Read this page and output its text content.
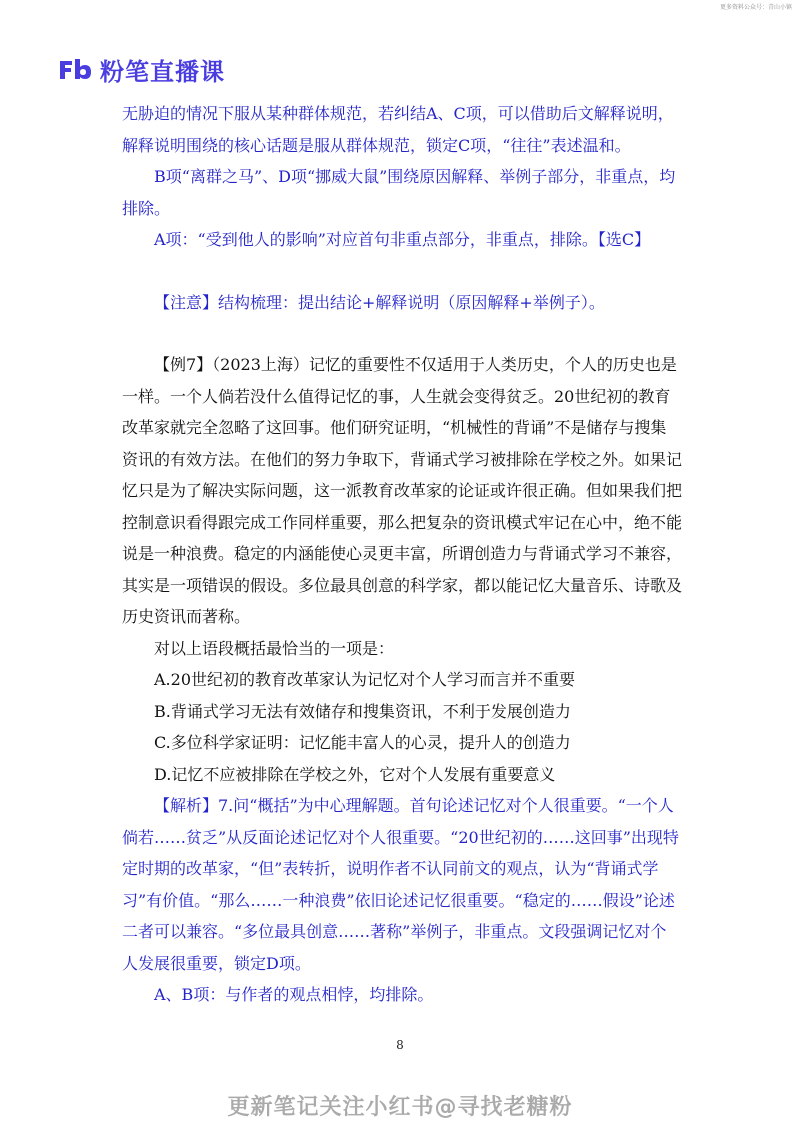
更多资料公众号：青山小镇
粉笔直播课

无胁迫的情况下服从某种群体规范，若纠结A、C项，可以借助后文解释说明，解释说明围绕的核心话题是服从群体规范，锁定C项，“往往”表述温和。

B项“离群之马”、D项“挪威大鼠”围绕原因解释、举例子部分，非重点，均排除。

A项：“受到他人的影响”对应首句非重点部分，非重点，排除。【选C】

【注意】结构梳理：提出结论+解释说明（原因解释+举例子）。

【例7】（2023上海）记忆的重要性不仅适用于人类历史，个人的历史也是一样。一个人倘若没什么值得记忆的事，人生就会变得贫乏。20世纪初的教育改革家就完全忽略了这回事。他们研究证明，“机械性的背诵”不是储存与搜集资讯的有效方法。在他们的努力争取下，背诵式学习被排除在学校之外。如果记忆只是为了解决实际问题，这一派教育改革家的论证或许很正确。但如果我们把控制意识看得跟完成工作同样重要，那么把复杂的资讯模式牢记在心中，绝不能说是一种浪费。稳定的内涵能使心灵更丰富，所谓创造力与背诵式学习不兼容，其实是一项错误的假设。多位最具创意的科学家，都以能记忆大量音乐、诗歌及历史资讯而著称。

对以上语段概括最恰当的一项是：

A.20世纪初的教育改革家认为记忆对个人学习而言并不重要

B.背诵式学习无法有效储存和搜集资讯，不利于发展创造力

C.多位科学家证明：记忆能丰富人的心灵，提升人的创造力

D.记忆不应被排除在学校之外，它对个人发展有重要意义

【解析】7.问“概括”为中心理解题。首句论述记忆对个人很重要。“一个人倘若……贫乏”从反面论述记忆对个人很重要。“20世纪初的……这回事”出现特定时期的改革家，“但”表转折，说明作者不认同前文的观点，认为“背诵式学习”有价值。“那么……一种浪费”依旧论述记忆很重要。“稳定的……假设”论述二者可以兼容。“多位最具创意……著称”举例子，非重点。文段强调记忆对个人发展很重要，锁定D项。

A、B项：与作者的观点相悖，均排除。

8
更新笔记关注小红书@寻找老糖粉
